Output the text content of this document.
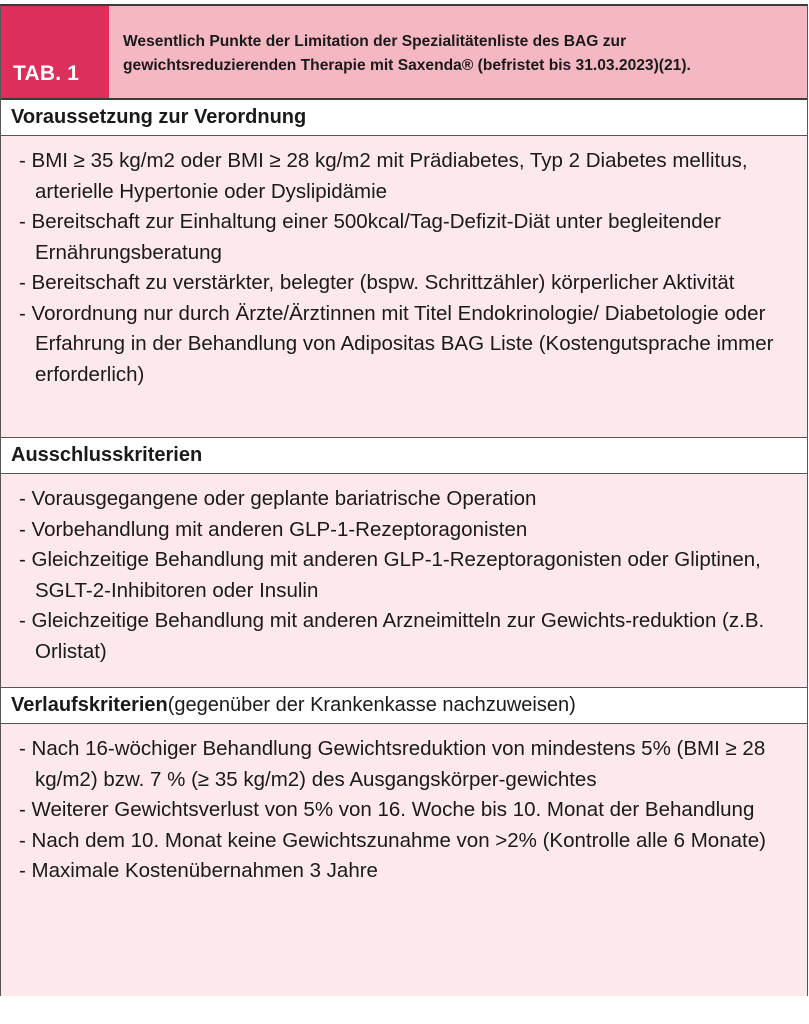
TAB. 1
Wesentlich Punkte der Limitation der Spezialitätenliste des BAG zur gewichtsreduzierenden Therapie mit Saxenda® (befristet bis 31.03.2023)(21).
Voraussetzung zur Verordnung
- BMI ≥ 35 kg/m2 oder BMI ≥ 28 kg/m2 mit Prädiabetes, Typ 2 Diabetes mellitus, arterielle Hypertonie oder Dyslipidämie
- Bereitschaft zur Einhaltung einer 500kcal/Tag-Defizit-Diät unter begleitender Ernährungsberatung
- Bereitschaft zu verstärkter, belegter (bspw. Schrittzähler) körperlicher Aktivität
- Vorordnung nur durch Ärzte/Ärztinnen mit Titel Endokrinologie/ Diabetologie oder Erfahrung in der Behandlung von Adipositas BAG Liste (Kostengutsprache immer erforderlich)
Ausschlusskriterien
- Vorausgegangene oder geplante bariatrische Operation
- Vorbehandlung mit anderen GLP-1-Rezeptoragonisten
- Gleichzeitige Behandlung mit anderen GLP-1-Rezeptoragonisten oder Gliptinen, SGLT-2-Inhibitoren oder Insulin
- Gleichzeitige Behandlung mit anderen Arzneimitteln zur Gewichts-reduktion (z.B. Orlistat)
Verlaufskriterien (gegenüber der Krankenkasse nachzuweisen)
- Nach 16-wöchiger Behandlung Gewichtsreduktion von mindestens 5% (BMI ≥ 28 kg/m2) bzw. 7 % (≥ 35 kg/m2) des Ausgangskörper-gewichtes
- Weiterer Gewichtsverlust von 5% von 16. Woche bis 10. Monat der Behandlung
- Nach dem 10. Monat keine Gewichtszunahme von >2% (Kontrolle alle 6 Monate)
- Maximale Kostenübernahmen 3 Jahre
